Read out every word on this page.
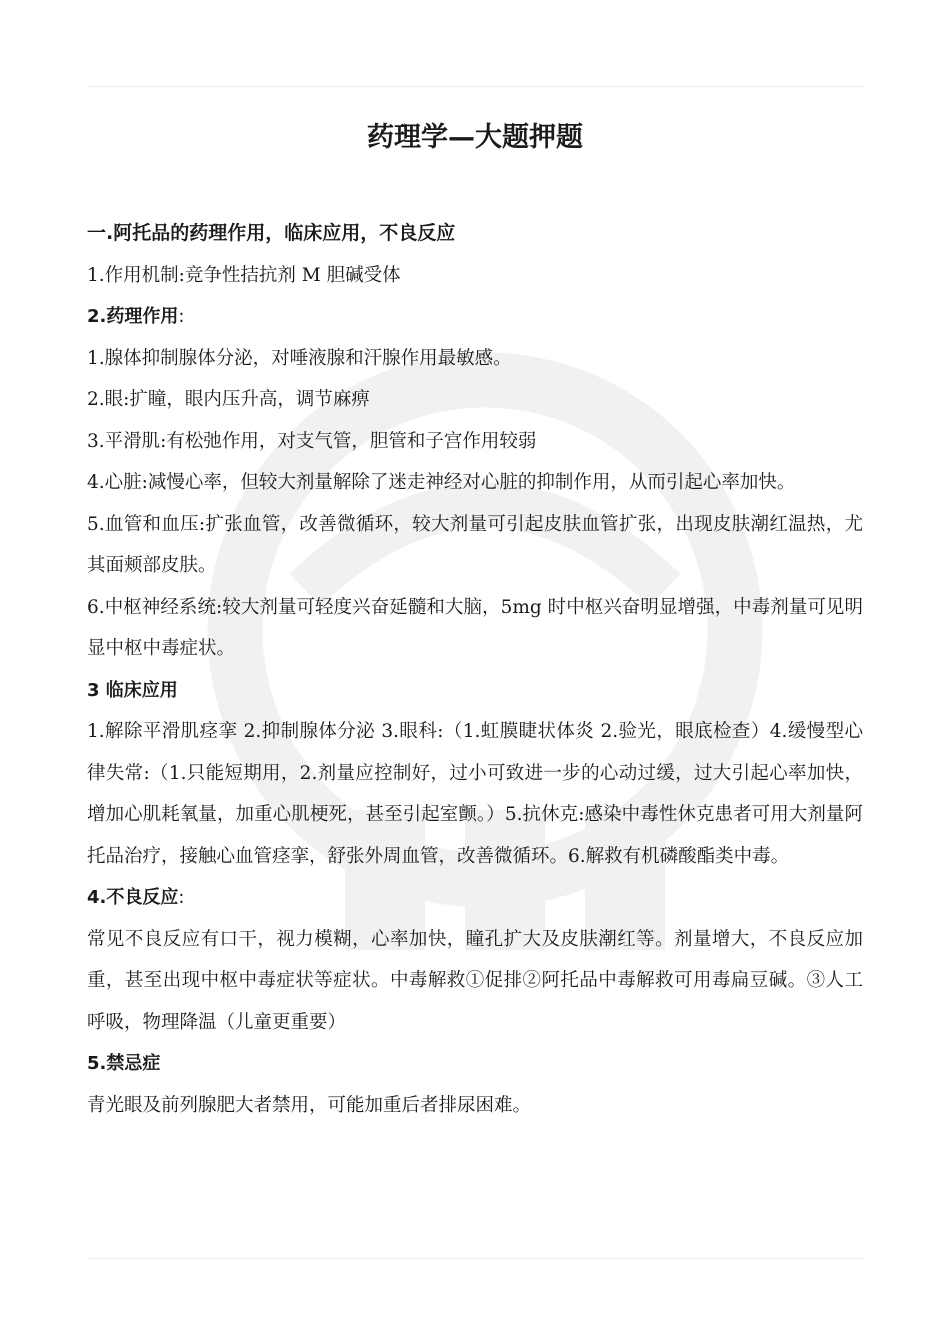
药理学—大题押题

一.阿托品的药理作用，临床应用，不良反应

1.作用机制:竞争性拮抗剂 M 胆碱受体

2.药理作用:

1.腺体抑制腺体分泌，对唾液腺和汗腺作用最敏感。

2.眼:扩瞳，眼内压升高，调节麻痹

3.平滑肌:有松弛作用，对支气管，胆管和子宫作用较弱

4.心脏:减慢心率，但较大剂量解除了迷走神经对心脏的抑制作用，从而引起心率加快。

5.血管和血压:扩张血管，改善微循环，较大剂量可引起皮肤血管扩张，出现皮肤潮红温热，尤其面颊部皮肤。

6.中枢神经系统:较大剂量可轻度兴奋延髓和大脑，5mg 时中枢兴奋明显增强，中毒剂量可见明显中枢中毒症状。

3 临床应用

1.解除平滑肌痉挛 2.抑制腺体分泌 3.眼科:（1.虹膜睫状体炎 2.验光，眼底检查）4.缓慢型心律失常:（1.只能短期用，2.剂量应控制好，过小可致进一步的心动过缓，过大引起心率加快，增加心肌耗氧量，加重心肌梗死，甚至引起室颤。）5.抗休克:感染中毒性休克患者可用大剂量阿托品治疗，接触心血管痉挛，舒张外周血管，改善微循环。6.解救有机磷酸酯类中毒。

4.不良反应:

常见不良反应有口干，视力模糊，心率加快，瞳孔扩大及皮肤潮红等。剂量增大，不良反应加重，甚至出现中枢中毒症状等症状。中毒解救①促排②阿托品中毒解救可用毒扁豆碱。③人工呼吸，物理降温（儿童更重要）

5.禁忌症

青光眼及前列腺肥大者禁用，可能加重后者排尿困难。
